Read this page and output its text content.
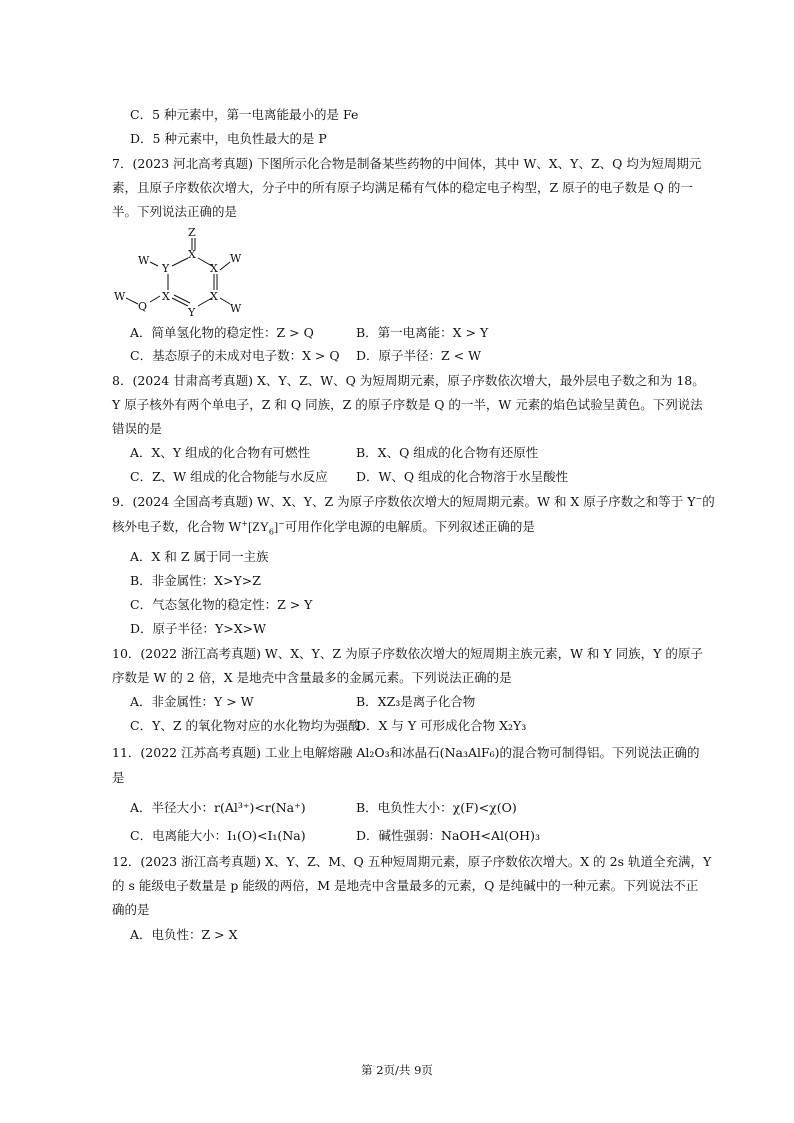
C．5 种元素中，第一电离能最小的是 Fe
D．5 种元素中，电负性最大的是 P
7．(2023 河北高考真题) 下图所示化合物是制备某些药物的中间体，其中 W、X、Y、Z、Q 均为短周期元
素，且原子序数依次增大，分子中的所有原子均满足稀有气体的稳定电子构型，Z 原子的电子数是 Q 的一
半。下列说法正确的是
Z
X
W
Y	X
W
W
Q
X	X
Y	W
A．简单氢化物的稳定性：Z > Q	B．第一电离能：X > Y
C．基态原子的未成对电子数：X > Q D．原子半径：Z < W
8．(2024 甘肃高考真题) X、Y、Z、W、Q 为短周期元素，原子序数依次增大，最外层电子数之和为 18。
Y 原子核外有两个单电子，Z 和 Q 同族，Z 的原子序数是 Q 的一半，W 元素的焰色试验呈黄色。下列说法
错误的是
A．X、Y 组成的化合物有可燃性	B．X、Q 组成的化合物有还原性
C．Z、W 组成的化合物能与水反应 D．W、Q 组成的化合物溶于水呈酸性
9．(2024 全国高考真题) W、X、Y、Z 为原子序数依次增大的短周期元素。W 和 X 原子序数之和等于 Y−的
核外电子数，化合物 $W^+[ZY_6]^-$可用作化学电源的电解质。下列叙述正确的是
A．X 和 Z 属于同一主族
B．非金属性：X>Y>Z
C．气态氢化物的稳定性：Z > Y
D．原子半径：Y>X>W
10．(2022 浙江高考真题) W、X、Y、Z 为原子序数依次增大的短周期主族元素，W 和 Y 同族，Y 的原子
序数是 W 的 2 倍，X 是地壳中含量最多的金属元素。下列说法正确的是
A．非金属性：Y > W	B．XZ₃是离子化合物
C．Y、Z 的氧化物对应的水化物均为强酸
D．X 与 Y 可形成化合物 X₂Y₃
11．(2022 江苏高考真题) 工业上电解熔融 Al₂O₃和冰晶石(Na₃AlF₆)的混合物可制得铝。下列说法正确的
是
A．半径大小：r(Al³⁺)<r(Na⁺)	B．电负性大小：χ(F)<χ(O)
C．电离能大小：I₁(O)<I₁(Na)	D．碱性强弱：NaOH<Al(OH)₃
12．(2023 浙江高考真题) X、Y、Z、M、Q 五种短周期元素，原子序数依次增大。X 的 2s 轨道全充满，Y
的 s 能级电子数量是 p 能级的两倍，M 是地壳中含量最多的元素，Q 是纯碱中的一种元素。下列说法不正
确的是
A．电负性：Z > X
第 2页/共 9页
